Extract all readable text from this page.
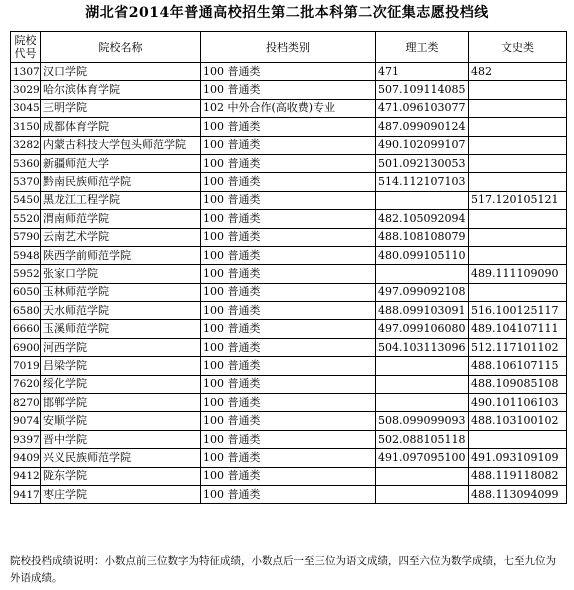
湖北省2014年普通高校招生第二批本科第二次征集志愿投档线
院校代号	院校名称	投档类别	理工类	文史类
1307	汉口学院	100 普通类	471	482
3029	哈尔滨体育学院	100 普通类	507.109114085	
3045	三明学院	102 中外合作(高收费)专业	471.096103077	
3150	成都体育学院	100 普通类	487.099090124	
3282	内蒙古科技大学包头师范学院	100 普通类	490.102099107	
5360	新疆师范大学	100 普通类	501.092130053	
5370	黔南民族师范学院	100 普通类	514.112107103	
5450	黑龙江工程学院	100 普通类		517.120105121
5520	渭南师范学院	100 普通类	482.105092094	
5790	云南艺术学院	100 普通类	488.108108079	
5948	陕西学前师范学院	100 普通类	480.099105110	
5952	张家口学院	100 普通类		489.111109090
6050	玉林师范学院	100 普通类	497.099092108	
6580	天水师范学院	100 普通类	488.099103091	516.100125117
6660	玉溪师范学院	100 普通类	497.099106080	489.104107111
6900	河西学院	100 普通类	504.103113096	512.117101102
7019	吕梁学院	100 普通类		488.106107115
7620	绥化学院	100 普通类		488.109085108
8270	邯郸学院	100 普通类		490.101106103
9074	安顺学院	100 普通类	508.099099093	488.103100102
9397	晋中学院	100 普通类	502.088105118	
9409	兴义民族师范学院	100 普通类	491.097095100	491.093109109
9412	陇东学院	100 普通类		488.119118082
9417	枣庄学院	100 普通类		488.113094099
院校投档成绩说明：小数点前三位数字为特征成绩，小数点后一至三位为语文成绩，四至六位为数学成绩，七至九位为外语成绩。
